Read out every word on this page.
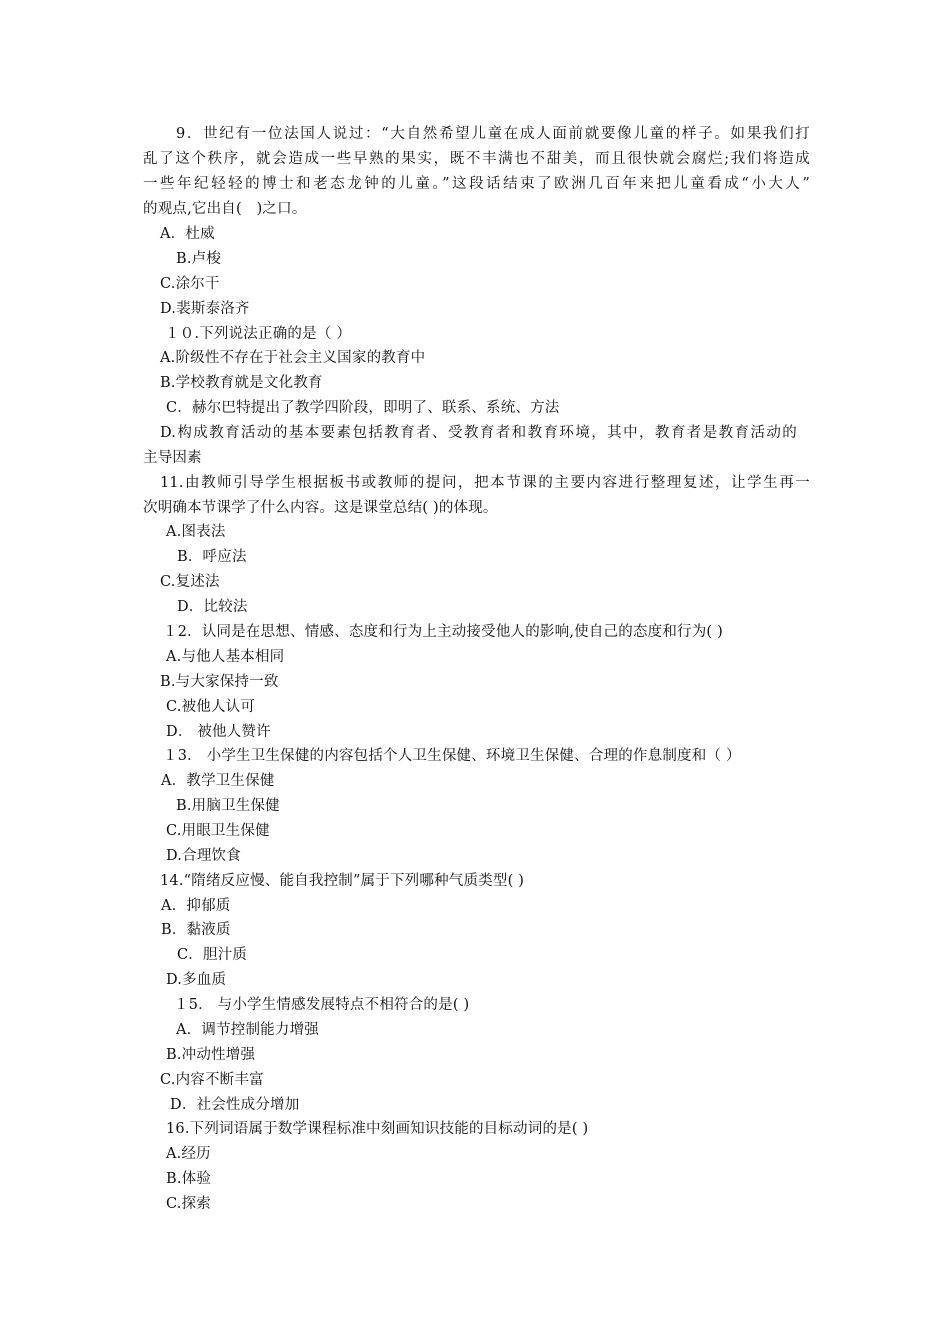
9．世纪有一位法国人说过：“大自然希望儿童在成人面前就要像儿童的样子。如果我们打
乱了这个秩序，就会造成一些早熟的果实，既不丰满也不甜美，而且很快就会腐烂;我们将造成
一些年纪轻轻的博士和老态龙钟的儿童。”这段话结束了欧洲几百年来把儿童看成“小大人”
的观点,它出自(　)之口。
A．杜威
B.卢梭
C.涂尔干
D.裴斯泰洛齐
１０.下列说法正确的是（ ）
A.阶级性不存在于社会主义国家的教育中
B.学校教育就是文化教育
C．赫尔巴特提出了教学四阶段，即明了、联系、系统、方法
D.构成教育活动的基本要素包括教育者、受教育者和教育环境，其中，教育者是教育活动的
主导因素
11.由教师引导学生根据板书或教师的提问，把本节课的主要内容进行整理复述，让学生再一
次明确本节课学了什么内容。这是课堂总结( )的体现。
A.图表法
B．呼应法
C.复述法
D．比较法
１2．认同是在思想、情感、态度和行为上主动接受他人的影响,使自己的态度和行为( )
A.与他人基本相同
B.与大家保持一致
C.被他人认可
D． 被他人赞许
１3． 小学生卫生保健的内容包括个人卫生保健、环境卫生保健、合理的作息制度和（ ）
A．教学卫生保健
B.用脑卫生保健
C.用眼卫生保健
D.合理饮食
14.“隋绪反应慢、能自我控制”属于下列哪种气质类型( )
A．抑郁质
B．黏液质
C．胆汁质
D.多血质
１5． 与小学生情感发展特点不相符合的是( )
A．调节控制能力增强
B.冲动性增强
C.内容不断丰富
D．社会性成分增加
16.下列词语属于数学课程标准中刻画知识技能的目标动词的是( )
A.经历
B.体验
C.探索
